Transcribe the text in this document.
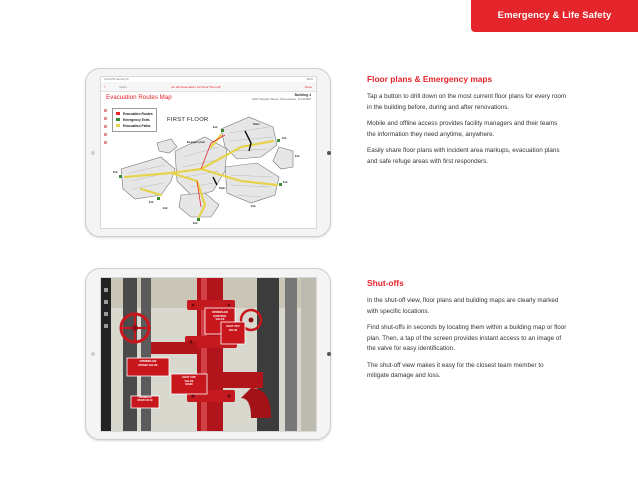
Emergency & Life Safety
12:00 PM Sat Aug 15	100%
‹	Share	41-120 Evacuation 1st Floor Plan.pdf	Done
Evacuation Routes Map	Building 4
1000 Sample Street, Somewhere, CA 90000
Evacuation Routes
Emergency Exits
Evacuation Paths
FIRST FLOOR
Emergency Exit
Exit
Exit
Stairs
Stairs
Exit
Exit
Exit
Exit
Exit
Exit
Exit
Floor plans & Emergency maps

Tap a button to drill down on the most current floor plans for every room in the building before, during and after renovations.

Mobile and offline access provides facility managers and their teams the information they need anytime, anywhere.

Easily share floor plans with incident area markups, evacuation plans and safe refuge areas with first responders.

SPRINKLER
DRAIN VALVE
SPRINKLER
CONTROL
VALVE
SHUT OFF
VALVE
SHUT OFF
VALVE
MAIN
SPRINKLER
DRAIN VALVE
Shut-offs

In the shut-off view, floor plans and building maps are clearly marked with specific locations.

Find shut-offs in seconds by locating them within a building map or floor plan. Then, a tap of the screen provides instant access to an image of the valve for easy identification.

The shut-off view makes it easy for the closest team member to mitigate damage and loss.
